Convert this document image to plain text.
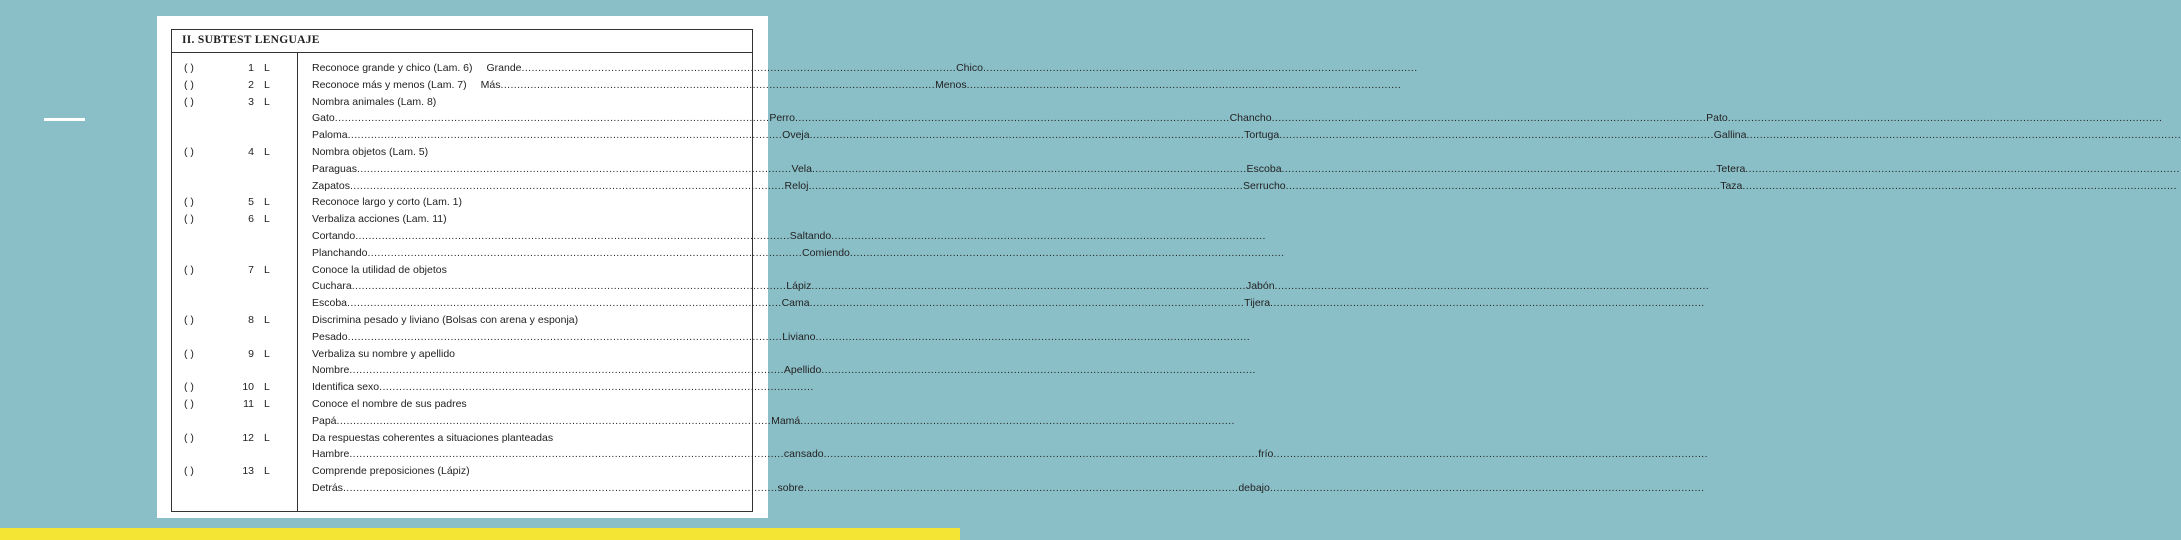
II. SUBTEST LENGUAJE
( )	1 L	Reconoce grande y chico (Lam. 6) Grande .....	Chico
.....
( )	2 L	Reconoce más y menos (Lam. 7) Más .....	Menos
.....
( )	3 L	Nombra animales (Lam. 8)
Gato .....	Perro .....	Chancho .....	Pato
.....
Paloma .....	Oveja .....	Tortuga .....	Gallina
.....
( )	4 L	Nombra objetos (Lam. 5)
Paraguas .....	Vela .....	Escoba .....	Tetera
.....
Zapatos .....	Reloj .....	Serrucho .....	Taza
.....
( )	5 L	Reconoce largo y corto (Lam. 1)
( )	6 L	Verbaliza acciones (Lam. 11)
Cortando .....	Saltando
.....
Planchando .....	Comiendo
.....
( )	7 L	Conoce la utilidad de objetos
Cuchara .....	Lápiz .....	Jabón
.....
Escoba .....	Cama .....	Tijera
.....
( )	8 L	Discrimina pesado y liviano (Bolsas con arena y esponja)
Pesado .....	Liviano
.....
( )	9 L	Verbaliza su nombre y apellido
Nombre .....	Apellido
.....
( )	10 L	Identifica sexo
.....
( )	11 L	Conoce el nombre de sus padres
Papá .....	Mamá
.....
( )	12 L	Da respuestas coherentes a situaciones planteadas
Hambre .....	cansado .....	frío
.....
( )	13 L	Comprende preposiciones (Lápiz)
Detrás .....	sobre .....	debajo
.....
